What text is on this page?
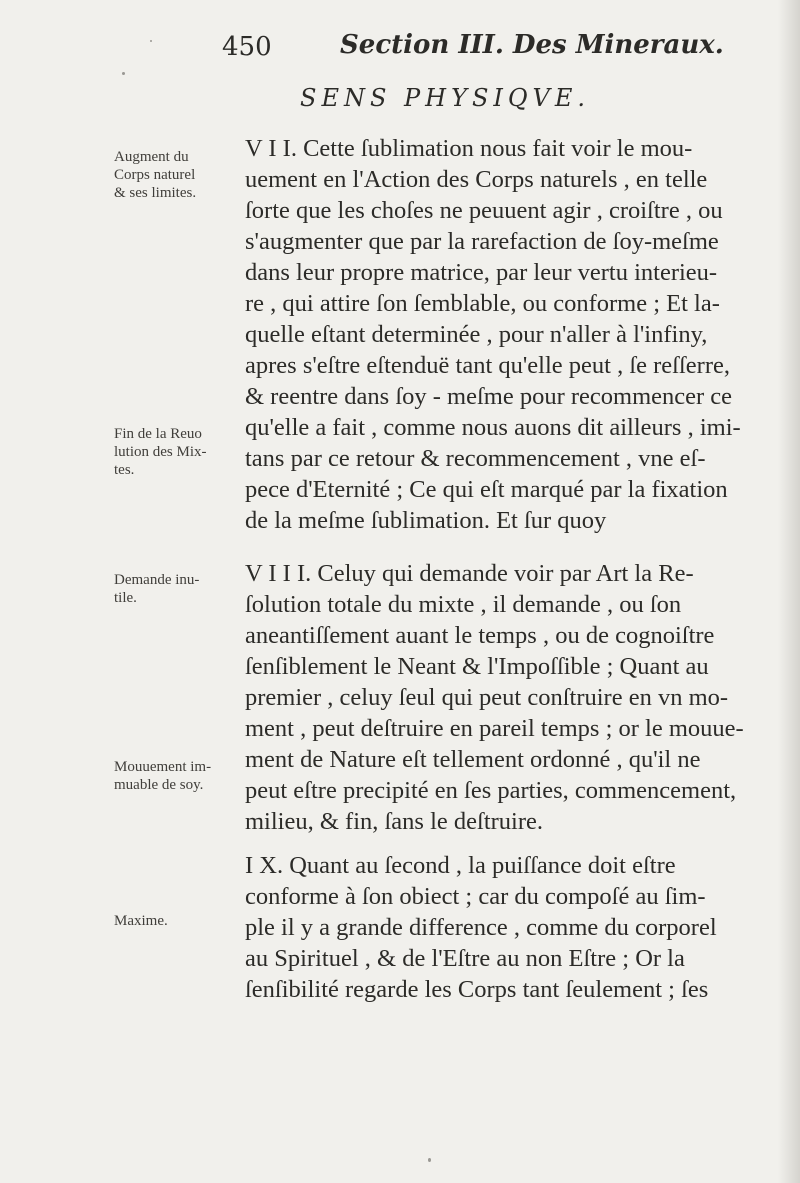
450	Section III. Des Mineraux.
SENS PHYSIQVE.
Augment du
Corps naturel
& ses limites.
Fin de la Reuo
lution des Mix-
tes.
Demande inu-
tile.
Mouuement im-
muable de soy.
Maxime.
V I I. Cette ſublimation nous fait voir le mou-
uement en l'Action des Corps naturels , en telle
ſorte que les choſes ne peuuent agir , croiſtre , ou
s'augmenter que par la rarefaction de ſoy-meſme
dans leur propre matrice, par leur vertu interieu-
re , qui attire ſon ſemblable, ou conforme ; Et la-
quelle eſtant determinée , pour n'aller à l'infiny,
apres s'eſtre eſtenduë tant qu'elle peut , ſe reſſerre,
& reentre dans ſoy - meſme pour recommencer ce
qu'elle a fait , comme nous auons dit ailleurs , imi-
tans par ce retour & recommencement , vne eſ-
pece d'Eternité ; Ce qui eſt marqué par la fixation
de la meſme ſublimation. Et ſur quoy
V I I I. Celuy qui demande voir par Art la Re-
ſolution totale du mixte , il demande , ou ſon
aneantiſſement auant le temps , ou de cognoiſtre
ſenſiblement le Neant & l'Impoſſible ; Quant au
premier , celuy ſeul qui peut conſtruire en vn mo-
ment , peut deſtruire en pareil temps ; or le mouue-
ment de Nature eſt tellement ordonné , qu'il ne
peut eſtre precipité en ſes parties, commencement,
milieu, & fin, ſans le deſtruire.
I X. Quant au ſecond , la puiſſance doit eſtre
conforme à ſon obiect ; car du compoſé au ſim-
ple il y a grande difference , comme du corporel
au Spirituel , & de l'Eſtre au non Eſtre ; Or la
ſenſibilité regarde les Corps tant ſeulement ; ſes
